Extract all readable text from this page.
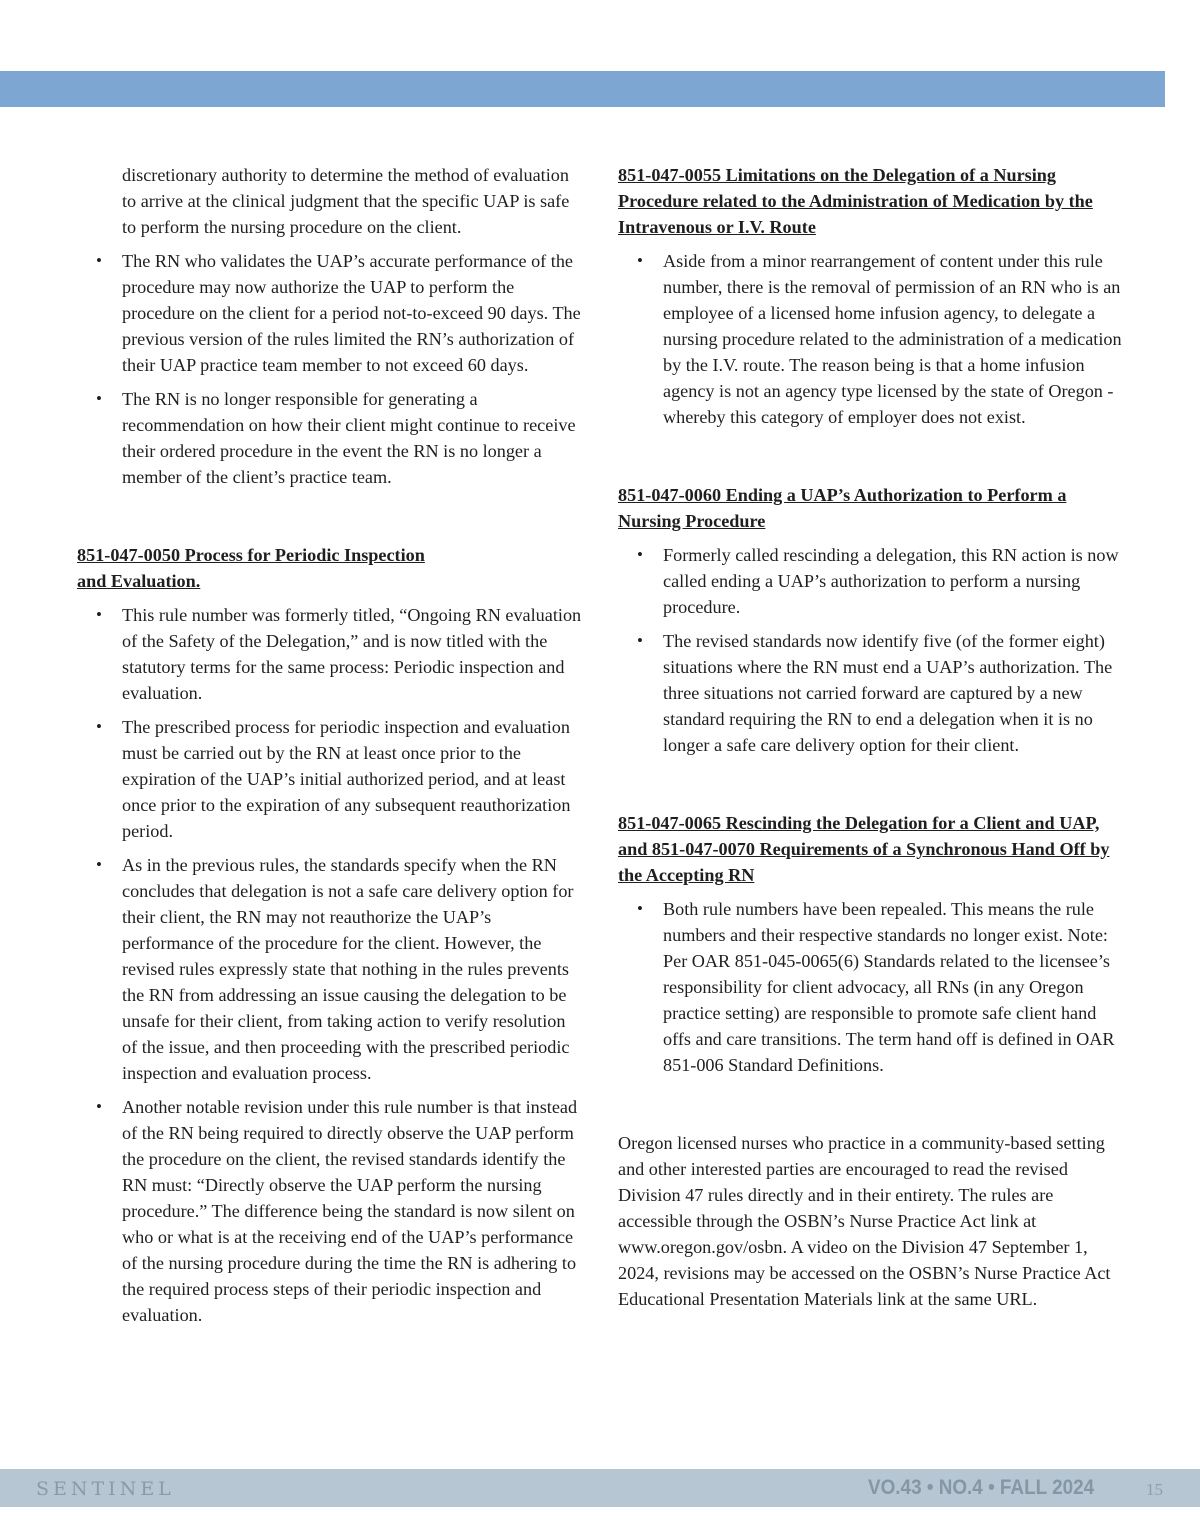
discretionary authority to determine the method of evaluation to arrive at the clinical judgment that the specific UAP is safe to perform the nursing procedure on the client.

• The RN who validates the UAP’s accurate performance of the procedure may now authorize the UAP to perform the procedure on the client for a period not-to-exceed 90 days. The previous version of the rules limited the RN’s authorization of their UAP practice team member to not exceed 60 days.
• The RN is no longer responsible for generating a recommendation on how their client might continue to receive their ordered procedure in the event the RN is no longer a member of the client’s practice team.
851-047-0050 Process for Periodic Inspection
and Evaluation.
• This rule number was formerly titled, “Ongoing RN evaluation of the Safety of the Delegation,” and is now titled with the statutory terms for the same process: Periodic inspection and evaluation.
• The prescribed process for periodic inspection and evaluation must be carried out by the RN at least once prior to the expiration of the UAP’s initial authorized period, and at least once prior to the expiration of any subsequent reauthorization period.
• As in the previous rules, the standards specify when the RN concludes that delegation is not a safe care delivery option for their client, the RN may not reauthorize the UAP’s performance of the procedure for the client. However, the revised rules expressly state that nothing in the rules prevents the RN from addressing an issue causing the delegation to be unsafe for their client, from taking action to verify resolution of the issue, and then proceeding with the prescribed periodic inspection and evaluation process.
• Another notable revision under this rule number is that instead of the RN being required to directly observe the UAP perform the procedure on the client, the revised standards identify the RN must: “Directly observe the UAP perform the nursing procedure.” The difference being the standard is now silent on who or what is at the receiving end of the UAP’s performance of the nursing procedure during the time the RN is adhering to the required process steps of their periodic inspection and evaluation.
851-047-0055 Limitations on the Delegation of a Nursing Procedure related to the Administration of Medication by the Intravenous or I.V. Route
• Aside from a minor rearrangement of content under this rule number, there is the removal of permission of an RN who is an employee of a licensed home infusion agency, to delegate a nursing procedure related to the administration of a medication by the I.V. route. The reason being is that a home infusion agency is not an agency type licensed by the state of Oregon - whereby this category of employer does not exist.
851-047-0060 Ending a UAP’s Authorization to Perform a Nursing Procedure
• Formerly called rescinding a delegation, this RN action is now called ending a UAP’s authorization to perform a nursing procedure.
• The revised standards now identify five (of the former eight) situations where the RN must end a UAP’s authorization. The three situations not carried forward are captured by a new standard requiring the RN to end a delegation when it is no longer a safe care delivery option for their client.
851-047-0065 Rescinding the Delegation for a Client and UAP, and 851-047-0070 Requirements of a Synchronous Hand Off by the Accepting RN
• Both rule numbers have been repealed. This means the rule numbers and their respective standards no longer exist. Note: Per OAR 851-045-0065(6) Standards related to the licensee’s responsibility for client advocacy, all RNs (in any Oregon practice setting) are responsible to promote safe client hand offs and care transitions. The term hand off is defined in OAR 851-006 Standard Definitions.

Oregon licensed nurses who practice in a community-based setting and other interested parties are encouraged to read the revised Division 47 rules directly and in their entirety. The rules are accessible through the OSBN’s Nurse Practice Act link at www.oregon.gov/osbn. A video on the Division 47 September 1, 2024, revisions may be accessed on the OSBN’s Nurse Practice Act Educational Presentation Materials link at the same URL.

SENTINEL	VO.43 • NO.4 • FALL 2024	15
